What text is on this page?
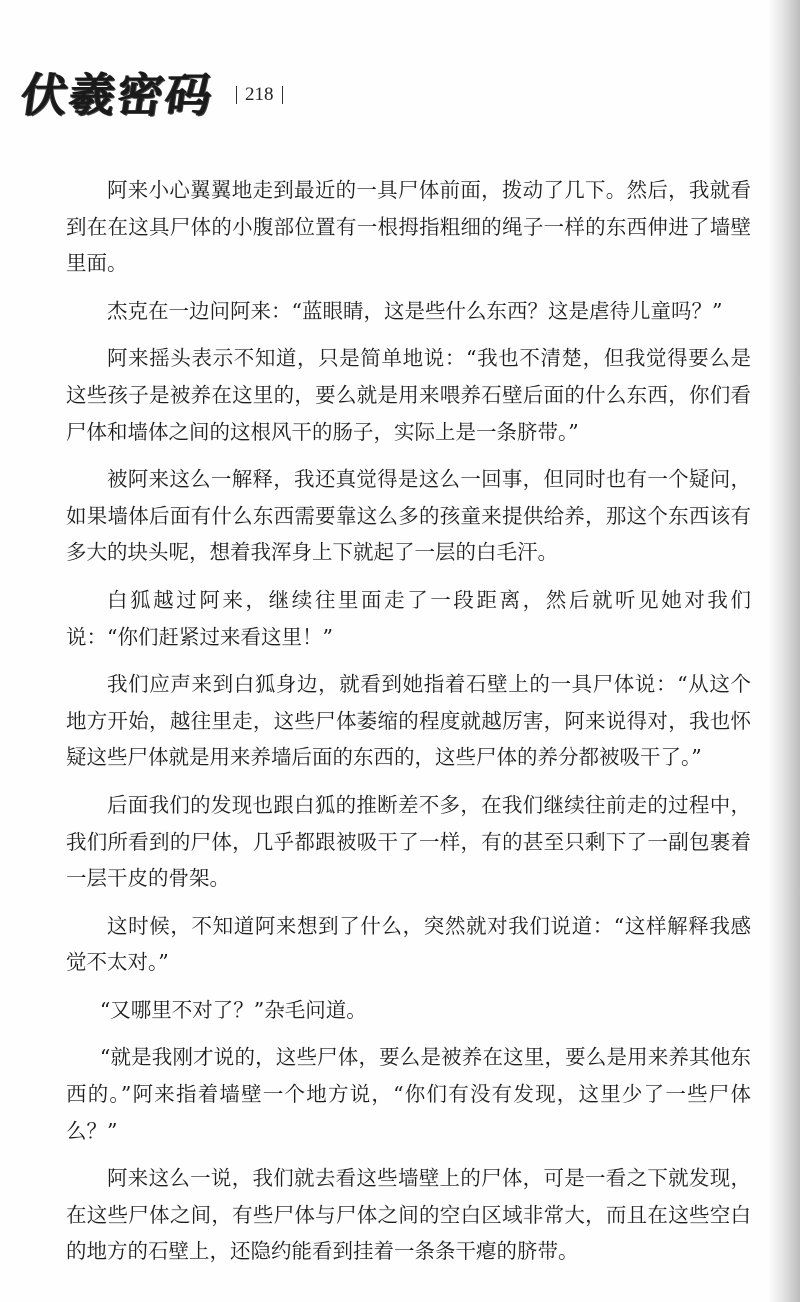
伏羲密码 218

阿来小心翼翼地走到最近的一具尸体前面，拨动了几下。然后，我就看到在在这具尸体的小腹部位置有一根拇指粗细的绳子一样的东西伸进了墙壁里面。

杰克在一边问阿来：“蓝眼睛，这是些什么东西？这是虐待儿童吗？”

阿来摇头表示不知道，只是简单地说：“我也不清楚，但我觉得要么是这些孩子是被养在这里的，要么就是用来喂养石壁后面的什么东西，你们看尸体和墙体之间的这根风干的肠子，实际上是一条脐带。”

被阿来这么一解释，我还真觉得是这么一回事，但同时也有一个疑问，如果墙体后面有什么东西需要靠这么多的孩童来提供给养，那这个东西该有多大的块头呢，想着我浑身上下就起了一层的白毛汗。

白狐越过阿来，继续往里面走了一段距离，然后就听见她对我们说：“你们赶紧过来看这里！”

我们应声来到白狐身边，就看到她指着石壁上的一具尸体说：“从这个地方开始，越往里走，这些尸体萎缩的程度就越厉害，阿来说得对，我也怀疑这些尸体就是用来养墙后面的东西的，这些尸体的养分都被吸干了。”

后面我们的发现也跟白狐的推断差不多，在我们继续往前走的过程中，我们所看到的尸体，几乎都跟被吸干了一样，有的甚至只剩下了一副包裹着一层干皮的骨架。

这时候，不知道阿来想到了什么，突然就对我们说道：“这样解释我感觉不太对。”

“又哪里不对了？”杂毛问道。

“就是我刚才说的，这些尸体，要么是被养在这里，要么是用来养其他东西的。”阿来指着墙壁一个地方说，“你们有没有发现，这里少了一些尸体么？”

阿来这么一说，我们就去看这些墙壁上的尸体，可是一看之下就发现，在这些尸体之间，有些尸体与尸体之间的空白区域非常大，而且在这些空白的地方的石壁上，还隐约能看到挂着一条条干瘪的脐带。
